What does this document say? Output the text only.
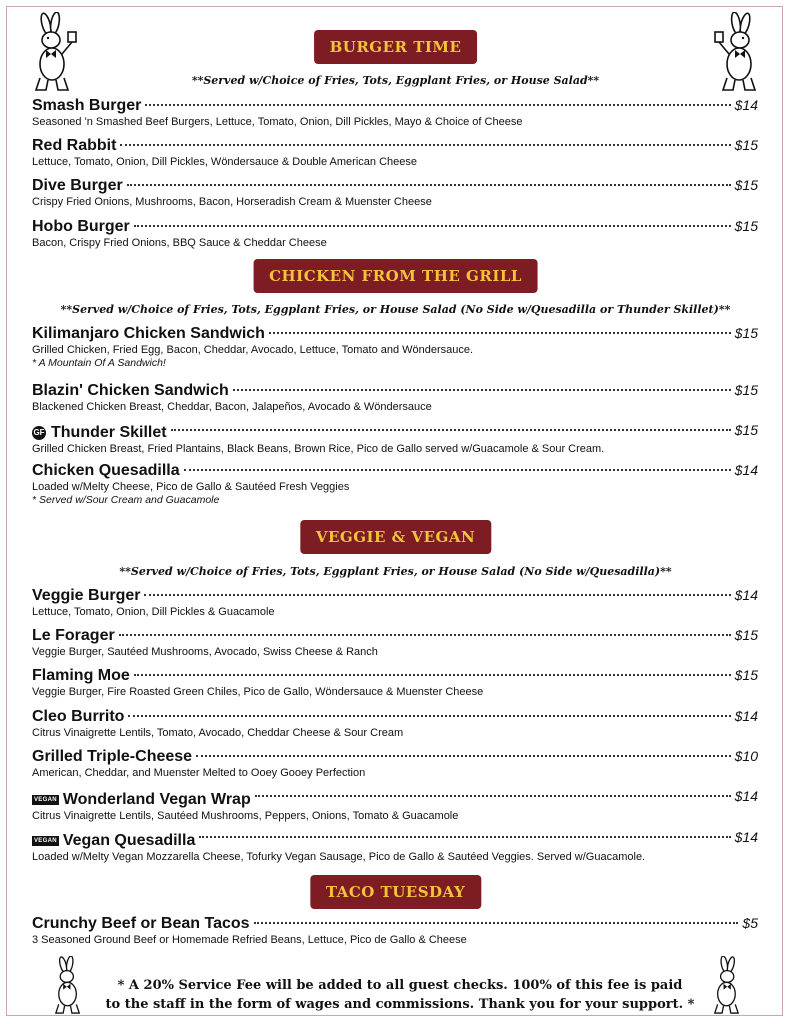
BURGER TIME
**Served w/Choice of Fries, Tots, Eggplant Fries, or House Salad**
Smash Burger	$14
Seasoned 'n Smashed Beef Burgers, Lettuce, Tomato, Onion, Dill Pickles, Mayo & Choice of Cheese
Red Rabbit	$15
Lettuce, Tomato, Onion, Dill Pickles, Wöndersauce & Double American Cheese
Dive Burger	$15
Crispy Fried Onions, Mushrooms, Bacon, Horseradish Cream & Muenster Cheese
Hobo Burger	$15
Bacon, Crispy Fried Onions, BBQ Sauce & Cheddar Cheese
CHICKEN FROM THE GRILL
**Served w/Choice of Fries, Tots, Eggplant Fries, or House Salad (No Side w/Quesadilla or Thunder Skillet)**
Kilimanjaro Chicken Sandwich	$15
Grilled Chicken, Fried Egg, Bacon, Cheddar, Avocado, Lettuce, Tomato and Wöndersauce.
* A Mountain Of A Sandwich!
Blazin' Chicken Sandwich	$15
Blackened Chicken Breast, Cheddar, Bacon, Jalapeños, Avocado & Wöndersauce
GF Thunder Skillet	$15
Grilled Chicken Breast, Fried Plantains, Black Beans, Brown Rice, Pico de Gallo served w/Guacamole & Sour Cream.
Chicken Quesadilla	$14
Loaded w/Melty Cheese, Pico de Gallo & Sautéed Fresh Veggies
* Served w/Sour Cream and Guacamole
VEGGIE & VEGAN
**Served w/Choice of Fries, Tots, Eggplant Fries, or House Salad (No Side w/Quesadilla)**
Veggie Burger	$14
Lettuce, Tomato, Onion, Dill Pickles & Guacamole
Le Forager	$15
Veggie Burger, Sautéed Mushrooms, Avocado, Swiss Cheese & Ranch
Flaming Moe	$15
Veggie Burger, Fire Roasted Green Chiles, Pico de Gallo, Wöndersauce & Muenster Cheese
Cleo Burrito	$14
Citrus Vinaigrette Lentils, Tomato, Avocado, Cheddar Cheese & Sour Cream
Grilled Triple-Cheese	$10
American, Cheddar, and Muenster Melted to Ooey Gooey Perfection
VEGAN Wonderland Vegan Wrap	$14
Citrus Vinaigrette Lentils, Sautéed Mushrooms, Peppers, Onions, Tomato & Guacamole
VEGAN Vegan Quesadilla	$14
Loaded w/Melty Vegan Mozzarella Cheese, Tofurky Vegan Sausage, Pico de Gallo & Sautéed Veggies. Served w/Guacamole.
TACO TUESDAY
Crunchy Beef or Bean Tacos	$5
3 Seasoned Ground Beef or Homemade Refried Beans, Lettuce, Pico de Gallo & Cheese
* A 20% Service Fee will be added to all guest checks. 100% of this fee is paid
to the staff in the form of wages and commissions. Thank you for your support. *
